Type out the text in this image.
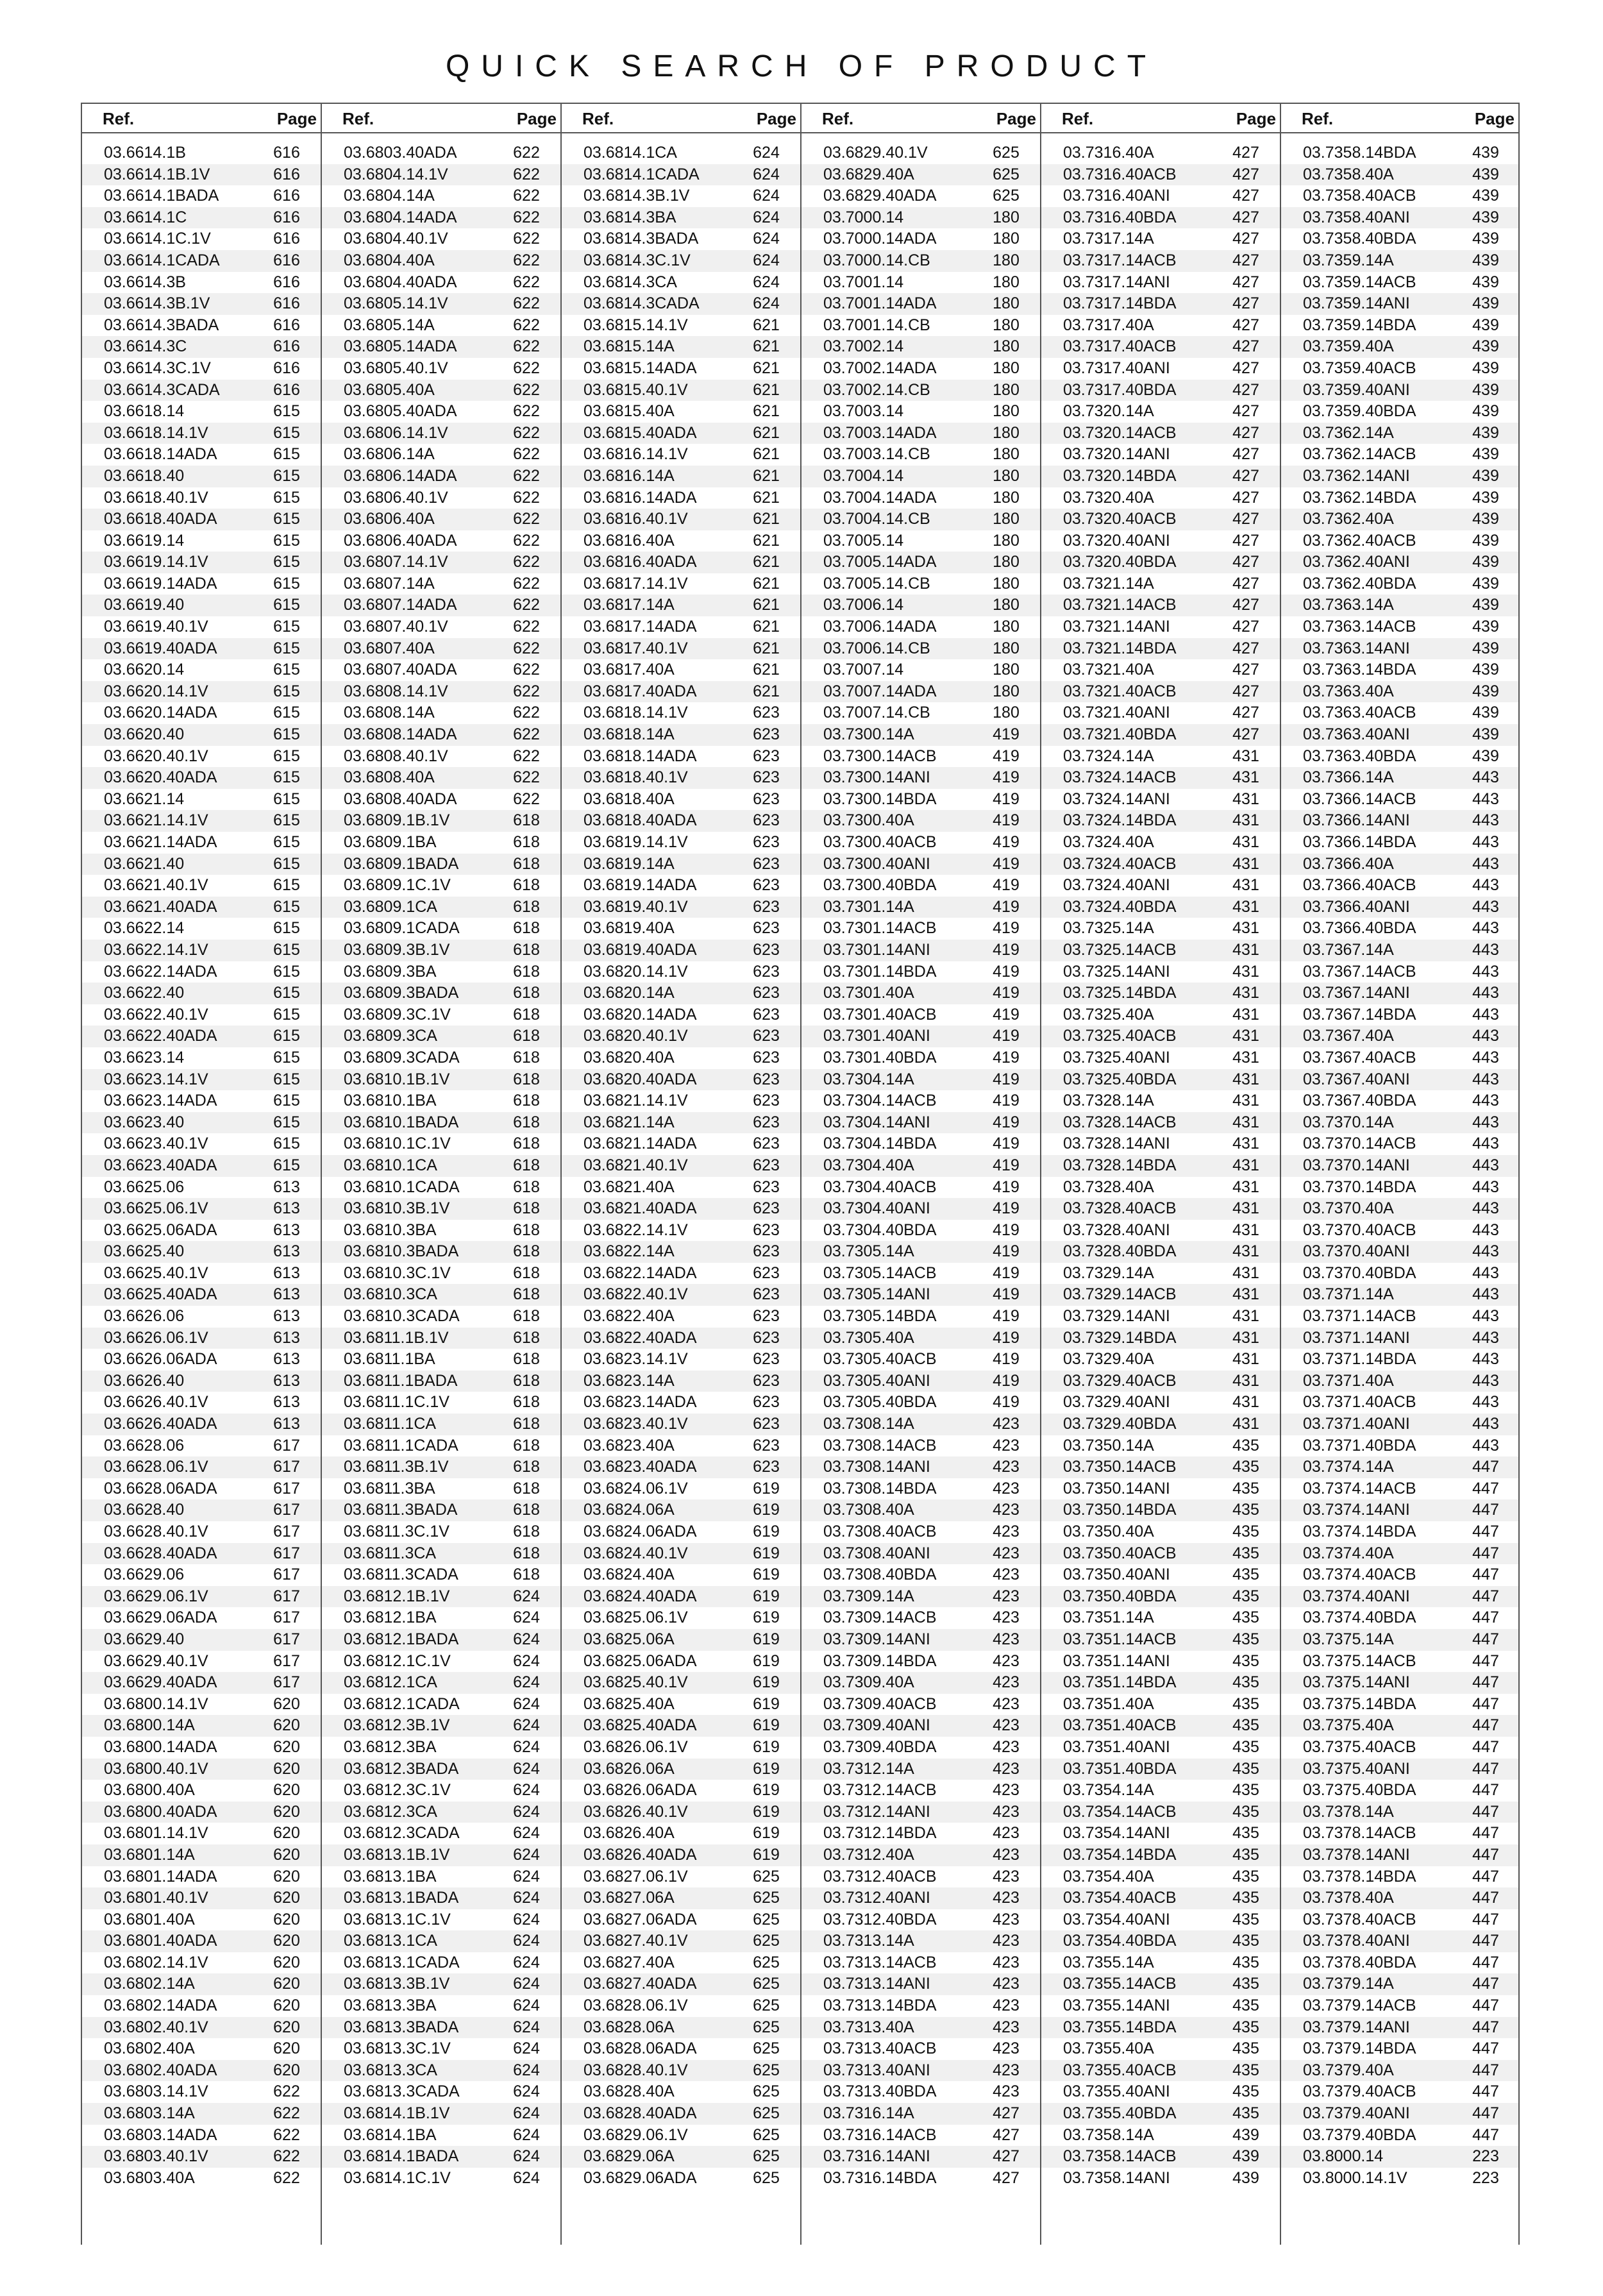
QUICK SEARCH OF PRODUCT
Ref.	Page
03.6614.1B	616
03.6614.1B.1V	616
03.6614.1BADA	616
03.6614.1C	616
03.6614.1C.1V	616
03.6614.1CADA	616
03.6614.3B	616
03.6614.3B.1V	616
03.6614.3BADA	616
03.6614.3C	616
03.6614.3C.1V	616
03.6614.3CADA	616
03.6618.14	615
03.6618.14.1V	615
03.6618.14ADA	615
03.6618.40	615
03.6618.40.1V	615
03.6618.40ADA	615
03.6619.14	615
03.6619.14.1V	615
03.6619.14ADA	615
03.6619.40	615
03.6619.40.1V	615
03.6619.40ADA	615
03.6620.14	615
03.6620.14.1V	615
03.6620.14ADA	615
03.6620.40	615
03.6620.40.1V	615
03.6620.40ADA	615
03.6621.14	615
03.6621.14.1V	615
03.6621.14ADA	615
03.6621.40	615
03.6621.40.1V	615
03.6621.40ADA	615
03.6622.14	615
03.6622.14.1V	615
03.6622.14ADA	615
03.6622.40	615
03.6622.40.1V	615
03.6622.40ADA	615
03.6623.14	615
03.6623.14.1V	615
03.6623.14ADA	615
03.6623.40	615
03.6623.40.1V	615
03.6623.40ADA	615
03.6625.06	613
03.6625.06.1V	613
03.6625.06ADA	613
03.6625.40	613
03.6625.40.1V	613
03.6625.40ADA	613
03.6626.06	613
03.6626.06.1V	613
03.6626.06ADA	613
03.6626.40	613
03.6626.40.1V	613
03.6626.40ADA	613
03.6628.06	617
03.6628.06.1V	617
03.6628.06ADA	617
03.6628.40	617
03.6628.40.1V	617
03.6628.40ADA	617
03.6629.06	617
03.6629.06.1V	617
03.6629.06ADA	617
03.6629.40	617
03.6629.40.1V	617
03.6629.40ADA	617
03.6800.14.1V	620
03.6800.14A	620
03.6800.14ADA	620
03.6800.40.1V	620
03.6800.40A	620
03.6800.40ADA	620
03.6801.14.1V	620
03.6801.14A	620
03.6801.14ADA	620
03.6801.40.1V	620
03.6801.40A	620
03.6801.40ADA	620
03.6802.14.1V	620
03.6802.14A	620
03.6802.14ADA	620
03.6802.40.1V	620
03.6802.40A	620
03.6802.40ADA	620
03.6803.14.1V	622
03.6803.14A	622
03.6803.14ADA	622
03.6803.40.1V	622
03.6803.40A	622
Ref.	Page
03.6803.40ADA	622
03.6804.14.1V	622
03.6804.14A	622
03.6804.14ADA	622
03.6804.40.1V	622
03.6804.40A	622
03.6804.40ADA	622
03.6805.14.1V	622
03.6805.14A	622
03.6805.14ADA	622
03.6805.40.1V	622
03.6805.40A	622
03.6805.40ADA	622
03.6806.14.1V	622
03.6806.14A	622
03.6806.14ADA	622
03.6806.40.1V	622
03.6806.40A	622
03.6806.40ADA	622
03.6807.14.1V	622
03.6807.14A	622
03.6807.14ADA	622
03.6807.40.1V	622
03.6807.40A	622
03.6807.40ADA	622
03.6808.14.1V	622
03.6808.14A	622
03.6808.14ADA	622
03.6808.40.1V	622
03.6808.40A	622
03.6808.40ADA	622
03.6809.1B.1V	618
03.6809.1BA	618
03.6809.1BADA	618
03.6809.1C.1V	618
03.6809.1CA	618
03.6809.1CADA	618
03.6809.3B.1V	618
03.6809.3BA	618
03.6809.3BADA	618
03.6809.3C.1V	618
03.6809.3CA	618
03.6809.3CADA	618
03.6810.1B.1V	618
03.6810.1BA	618
03.6810.1BADA	618
03.6810.1C.1V	618
03.6810.1CA	618
03.6810.1CADA	618
03.6810.3B.1V	618
03.6810.3BA	618
03.6810.3BADA	618
03.6810.3C.1V	618
03.6810.3CA	618
03.6810.3CADA	618
03.6811.1B.1V	618
03.6811.1BA	618
03.6811.1BADA	618
03.6811.1C.1V	618
03.6811.1CA	618
03.6811.1CADA	618
03.6811.3B.1V	618
03.6811.3BA	618
03.6811.3BADA	618
03.6811.3C.1V	618
03.6811.3CA	618
03.6811.3CADA	618
03.6812.1B.1V	624
03.6812.1BA	624
03.6812.1BADA	624
03.6812.1C.1V	624
03.6812.1CA	624
03.6812.1CADA	624
03.6812.3B.1V	624
03.6812.3BA	624
03.6812.3BADA	624
03.6812.3C.1V	624
03.6812.3CA	624
03.6812.3CADA	624
03.6813.1B.1V	624
03.6813.1BA	624
03.6813.1BADA	624
03.6813.1C.1V	624
03.6813.1CA	624
03.6813.1CADA	624
03.6813.3B.1V	624
03.6813.3BA	624
03.6813.3BADA	624
03.6813.3C.1V	624
03.6813.3CA	624
03.6813.3CADA	624
03.6814.1B.1V	624
03.6814.1BA	624
03.6814.1BADA	624
03.6814.1C.1V	624
Ref.	Page
03.6814.1CA	624
03.6814.1CADA	624
03.6814.3B.1V	624
03.6814.3BA	624
03.6814.3BADA	624
03.6814.3C.1V	624
03.6814.3CA	624
03.6814.3CADA	624
03.6815.14.1V	621
03.6815.14A	621
03.6815.14ADA	621
03.6815.40.1V	621
03.6815.40A	621
03.6815.40ADA	621
03.6816.14.1V	621
03.6816.14A	621
03.6816.14ADA	621
03.6816.40.1V	621
03.6816.40A	621
03.6816.40ADA	621
03.6817.14.1V	621
03.6817.14A	621
03.6817.14ADA	621
03.6817.40.1V	621
03.6817.40A	621
03.6817.40ADA	621
03.6818.14.1V	623
03.6818.14A	623
03.6818.14ADA	623
03.6818.40.1V	623
03.6818.40A	623
03.6818.40ADA	623
03.6819.14.1V	623
03.6819.14A	623
03.6819.14ADA	623
03.6819.40.1V	623
03.6819.40A	623
03.6819.40ADA	623
03.6820.14.1V	623
03.6820.14A	623
03.6820.14ADA	623
03.6820.40.1V	623
03.6820.40A	623
03.6820.40ADA	623
03.6821.14.1V	623
03.6821.14A	623
03.6821.14ADA	623
03.6821.40.1V	623
03.6821.40A	623
03.6821.40ADA	623
03.6822.14.1V	623
03.6822.14A	623
03.6822.14ADA	623
03.6822.40.1V	623
03.6822.40A	623
03.6822.40ADA	623
03.6823.14.1V	623
03.6823.14A	623
03.6823.14ADA	623
03.6823.40.1V	623
03.6823.40A	623
03.6823.40ADA	623
03.6824.06.1V	619
03.6824.06A	619
03.6824.06ADA	619
03.6824.40.1V	619
03.6824.40A	619
03.6824.40ADA	619
03.6825.06.1V	619
03.6825.06A	619
03.6825.06ADA	619
03.6825.40.1V	619
03.6825.40A	619
03.6825.40ADA	619
03.6826.06.1V	619
03.6826.06A	619
03.6826.06ADA	619
03.6826.40.1V	619
03.6826.40A	619
03.6826.40ADA	619
03.6827.06.1V	625
03.6827.06A	625
03.6827.06ADA	625
03.6827.40.1V	625
03.6827.40A	625
03.6827.40ADA	625
03.6828.06.1V	625
03.6828.06A	625
03.6828.06ADA	625
03.6828.40.1V	625
03.6828.40A	625
03.6828.40ADA	625
03.6829.06.1V	625
03.6829.06A	625
03.6829.06ADA	625
Ref.	Page
03.6829.40.1V	625
03.6829.40A	625
03.6829.40ADA	625
03.7000.14	180
03.7000.14ADA	180
03.7000.14.CB	180
03.7001.14	180
03.7001.14ADA	180
03.7001.14.CB	180
03.7002.14	180
03.7002.14ADA	180
03.7002.14.CB	180
03.7003.14	180
03.7003.14ADA	180
03.7003.14.CB	180
03.7004.14	180
03.7004.14ADA	180
03.7004.14.CB	180
03.7005.14	180
03.7005.14ADA	180
03.7005.14.CB	180
03.7006.14	180
03.7006.14ADA	180
03.7006.14.CB	180
03.7007.14	180
03.7007.14ADA	180
03.7007.14.CB	180
03.7300.14A	419
03.7300.14ACB	419
03.7300.14ANI	419
03.7300.14BDA	419
03.7300.40A	419
03.7300.40ACB	419
03.7300.40ANI	419
03.7300.40BDA	419
03.7301.14A	419
03.7301.14ACB	419
03.7301.14ANI	419
03.7301.14BDA	419
03.7301.40A	419
03.7301.40ACB	419
03.7301.40ANI	419
03.7301.40BDA	419
03.7304.14A	419
03.7304.14ACB	419
03.7304.14ANI	419
03.7304.14BDA	419
03.7304.40A	419
03.7304.40ACB	419
03.7304.40ANI	419
03.7304.40BDA	419
03.7305.14A	419
03.7305.14ACB	419
03.7305.14ANI	419
03.7305.14BDA	419
03.7305.40A	419
03.7305.40ACB	419
03.7305.40ANI	419
03.7305.40BDA	419
03.7308.14A	423
03.7308.14ACB	423
03.7308.14ANI	423
03.7308.14BDA	423
03.7308.40A	423
03.7308.40ACB	423
03.7308.40ANI	423
03.7308.40BDA	423
03.7309.14A	423
03.7309.14ACB	423
03.7309.14ANI	423
03.7309.14BDA	423
03.7309.40A	423
03.7309.40ACB	423
03.7309.40ANI	423
03.7309.40BDA	423
03.7312.14A	423
03.7312.14ACB	423
03.7312.14ANI	423
03.7312.14BDA	423
03.7312.40A	423
03.7312.40ACB	423
03.7312.40ANI	423
03.7312.40BDA	423
03.7313.14A	423
03.7313.14ACB	423
03.7313.14ANI	423
03.7313.14BDA	423
03.7313.40A	423
03.7313.40ACB	423
03.7313.40ANI	423
03.7313.40BDA	423
03.7316.14A	427
03.7316.14ACB	427
03.7316.14ANI	427
03.7316.14BDA	427
Ref.	Page
03.7316.40A	427
03.7316.40ACB	427
03.7316.40ANI	427
03.7316.40BDA	427
03.7317.14A	427
03.7317.14ACB	427
03.7317.14ANI	427
03.7317.14BDA	427
03.7317.40A	427
03.7317.40ACB	427
03.7317.40ANI	427
03.7317.40BDA	427
03.7320.14A	427
03.7320.14ACB	427
03.7320.14ANI	427
03.7320.14BDA	427
03.7320.40A	427
03.7320.40ACB	427
03.7320.40ANI	427
03.7320.40BDA	427
03.7321.14A	427
03.7321.14ACB	427
03.7321.14ANI	427
03.7321.14BDA	427
03.7321.40A	427
03.7321.40ACB	427
03.7321.40ANI	427
03.7321.40BDA	427
03.7324.14A	431
03.7324.14ACB	431
03.7324.14ANI	431
03.7324.14BDA	431
03.7324.40A	431
03.7324.40ACB	431
03.7324.40ANI	431
03.7324.40BDA	431
03.7325.14A	431
03.7325.14ACB	431
03.7325.14ANI	431
03.7325.14BDA	431
03.7325.40A	431
03.7325.40ACB	431
03.7325.40ANI	431
03.7325.40BDA	431
03.7328.14A	431
03.7328.14ACB	431
03.7328.14ANI	431
03.7328.14BDA	431
03.7328.40A	431
03.7328.40ACB	431
03.7328.40ANI	431
03.7328.40BDA	431
03.7329.14A	431
03.7329.14ACB	431
03.7329.14ANI	431
03.7329.14BDA	431
03.7329.40A	431
03.7329.40ACB	431
03.7329.40ANI	431
03.7329.40BDA	431
03.7350.14A	435
03.7350.14ACB	435
03.7350.14ANI	435
03.7350.14BDA	435
03.7350.40A	435
03.7350.40ACB	435
03.7350.40ANI	435
03.7350.40BDA	435
03.7351.14A	435
03.7351.14ACB	435
03.7351.14ANI	435
03.7351.14BDA	435
03.7351.40A	435
03.7351.40ACB	435
03.7351.40ANI	435
03.7351.40BDA	435
03.7354.14A	435
03.7354.14ACB	435
03.7354.14ANI	435
03.7354.14BDA	435
03.7354.40A	435
03.7354.40ACB	435
03.7354.40ANI	435
03.7354.40BDA	435
03.7355.14A	435
03.7355.14ACB	435
03.7355.14ANI	435
03.7355.14BDA	435
03.7355.40A	435
03.7355.40ACB	435
03.7355.40ANI	435
03.7355.40BDA	435
03.7358.14A	439
03.7358.14ACB	439
03.7358.14ANI	439
Ref.	Page
03.7358.14BDA	439
03.7358.40A	439
03.7358.40ACB	439
03.7358.40ANI	439
03.7358.40BDA	439
03.7359.14A	439
03.7359.14ACB	439
03.7359.14ANI	439
03.7359.14BDA	439
03.7359.40A	439
03.7359.40ACB	439
03.7359.40ANI	439
03.7359.40BDA	439
03.7362.14A	439
03.7362.14ACB	439
03.7362.14ANI	439
03.7362.14BDA	439
03.7362.40A	439
03.7362.40ACB	439
03.7362.40ANI	439
03.7362.40BDA	439
03.7363.14A	439
03.7363.14ACB	439
03.7363.14ANI	439
03.7363.14BDA	439
03.7363.40A	439
03.7363.40ACB	439
03.7363.40ANI	439
03.7363.40BDA	439
03.7366.14A	443
03.7366.14ACB	443
03.7366.14ANI	443
03.7366.14BDA	443
03.7366.40A	443
03.7366.40ACB	443
03.7366.40ANI	443
03.7366.40BDA	443
03.7367.14A	443
03.7367.14ACB	443
03.7367.14ANI	443
03.7367.14BDA	443
03.7367.40A	443
03.7367.40ACB	443
03.7367.40ANI	443
03.7367.40BDA	443
03.7370.14A	443
03.7370.14ACB	443
03.7370.14ANI	443
03.7370.14BDA	443
03.7370.40A	443
03.7370.40ACB	443
03.7370.40ANI	443
03.7370.40BDA	443
03.7371.14A	443
03.7371.14ACB	443
03.7371.14ANI	443
03.7371.14BDA	443
03.7371.40A	443
03.7371.40ACB	443
03.7371.40ANI	443
03.7371.40BDA	443
03.7374.14A	447
03.7374.14ACB	447
03.7374.14ANI	447
03.7374.14BDA	447
03.7374.40A	447
03.7374.40ACB	447
03.7374.40ANI	447
03.7374.40BDA	447
03.7375.14A	447
03.7375.14ACB	447
03.7375.14ANI	447
03.7375.14BDA	447
03.7375.40A	447
03.7375.40ACB	447
03.7375.40ANI	447
03.7375.40BDA	447
03.7378.14A	447
03.7378.14ACB	447
03.7378.14ANI	447
03.7378.14BDA	447
03.7378.40A	447
03.7378.40ACB	447
03.7378.40ANI	447
03.7378.40BDA	447
03.7379.14A	447
03.7379.14ACB	447
03.7379.14ANI	447
03.7379.14BDA	447
03.7379.40A	447
03.7379.40ACB	447
03.7379.40ANI	447
03.7379.40BDA	447
03.8000.14	223
03.8000.14.1V	223
